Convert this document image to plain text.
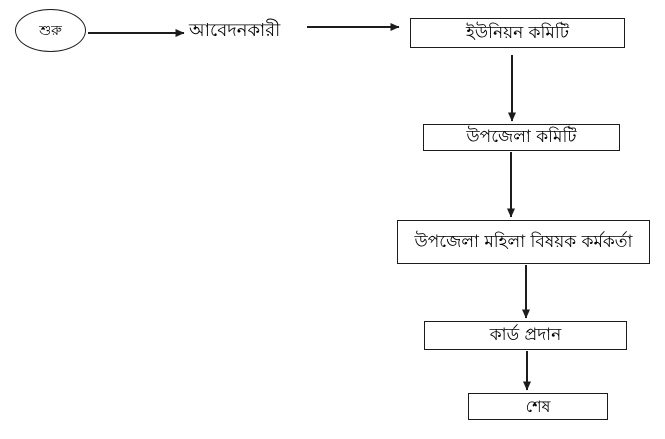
শুরু	আবেদনকারী	ইউনিয়ন কমিটি
উপজেলা কমিটি
উপজেলা মহিলা বিষয়ক কর্মকর্তা
কার্ড প্রদান
শেষ
